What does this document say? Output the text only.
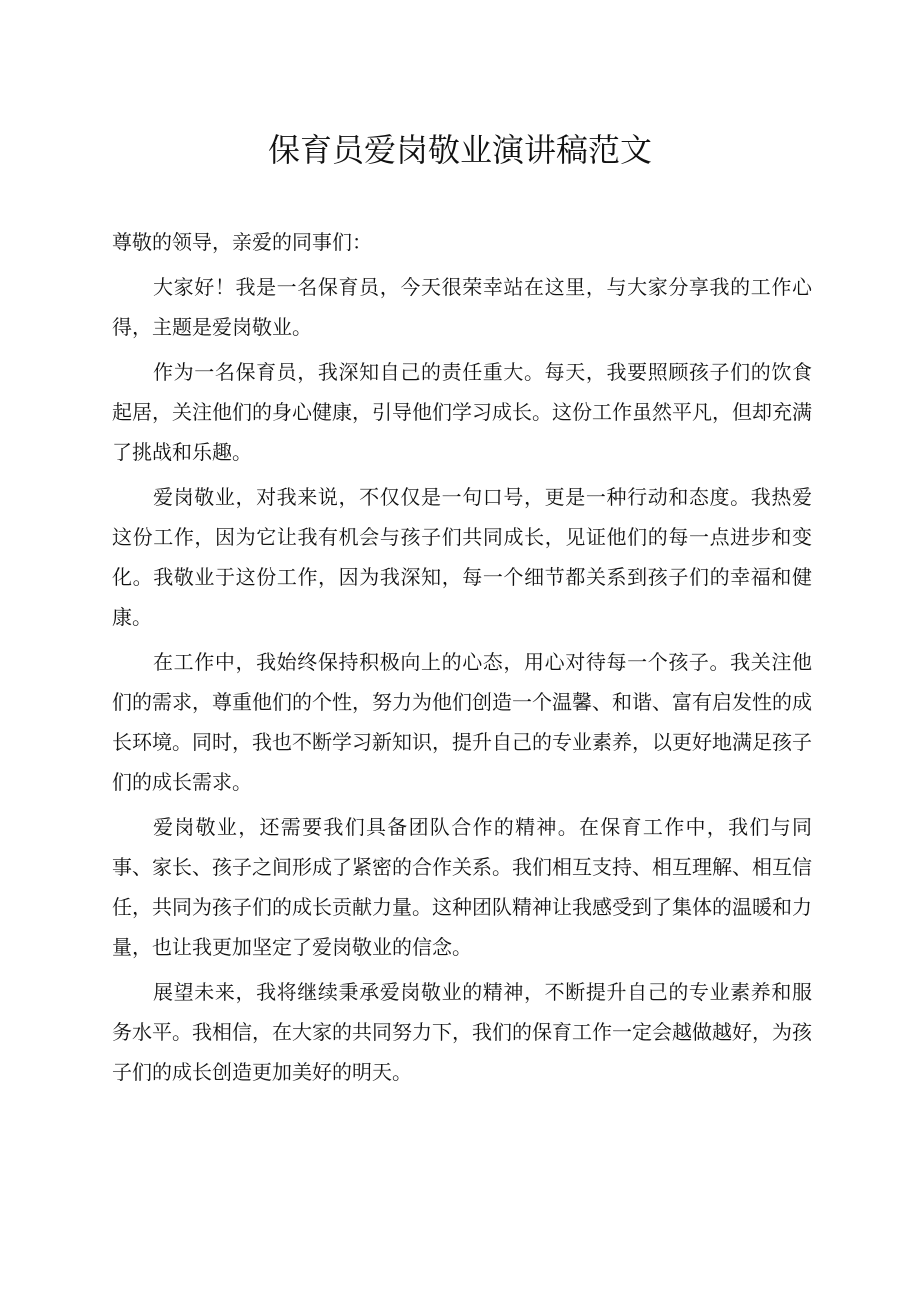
保育员爱岗敬业演讲稿范文

尊敬的领导，亲爱的同事们：

大家好！我是一名保育员，今天很荣幸站在这里，与大家分享我的工作心得，主题是爱岗敬业。

作为一名保育员，我深知自己的责任重大。每天，我要照顾孩子们的饮食起居，关注他们的身心健康，引导他们学习成长。这份工作虽然平凡，但却充满了挑战和乐趣。

爱岗敬业，对我来说，不仅仅是一句口号，更是一种行动和态度。我热爱这份工作，因为它让我有机会与孩子们共同成长，见证他们的每一点进步和变化。我敬业于这份工作，因为我深知，每一个细节都关系到孩子们的幸福和健康。

在工作中，我始终保持积极向上的心态，用心对待每一个孩子。我关注他们的需求，尊重他们的个性，努力为他们创造一个温馨、和谐、富有启发性的成长环境。同时，我也不断学习新知识，提升自己的专业素养，以更好地满足孩子们的成长需求。

爱岗敬业，还需要我们具备团队合作的精神。在保育工作中，我们与同事、家长、孩子之间形成了紧密的合作关系。我们相互支持、相互理解、相互信任，共同为孩子们的成长贡献力量。这种团队精神让我感受到了集体的温暖和力量，也让我更加坚定了爱岗敬业的信念。

展望未来，我将继续秉承爱岗敬业的精神，不断提升自己的专业素养和服务水平。我相信，在大家的共同努力下，我们的保育工作一定会越做越好，为孩子们的成长创造更加美好的明天。
